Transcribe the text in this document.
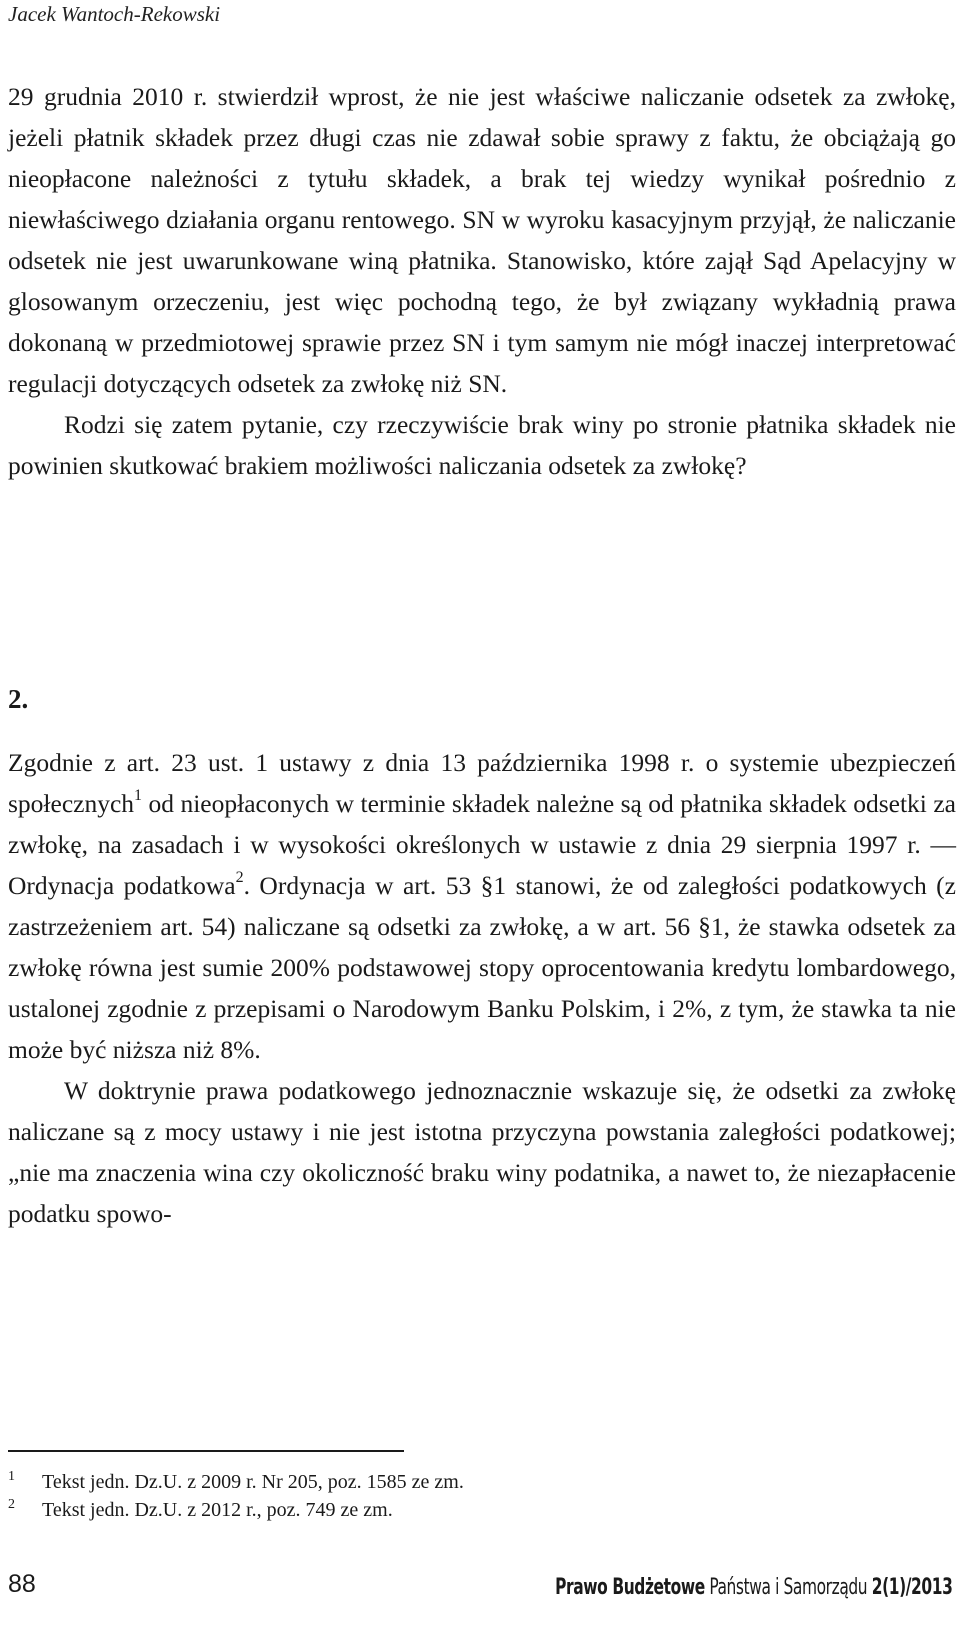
Jacek Wantoch-Rekowski

29 grudnia 2010 r. stwierdził wprost, że nie jest właściwe naliczanie odsetek za zwłokę, jeżeli płatnik składek przez długi czas nie zdawał sobie sprawy z faktu, że obciążają go nieopłacone należności z tytułu składek, a brak tej wiedzy wynikał pośrednio z niewłaściwego działania organu rentowego. SN w wyroku kasacyjnym przyjął, że naliczanie odsetek nie jest uwarunkowane winą płatnika. Stanowisko, które zajął Sąd Apelacyjny w glosowanym orzeczeniu, jest więc pochodną tego, że był związany wykładnią prawa dokonaną w przedmiotowej sprawie przez SN i tym samym nie mógł inaczej interpretować regulacji dotyczących odsetek za zwłokę niż SN.

Rodzi się zatem pytanie, czy rzeczywiście brak winy po stronie płatnika składek nie powinien skutkować brakiem możliwości naliczania odsetek za zwłokę?

2.

Zgodnie z art. 23 ust. 1 ustawy z dnia 13 października 1998 r. o systemie ubezpieczeń społecznych$^1$ od nieopłaconych w terminie składek należne są od płatnika składek odsetki za zwłokę, na zasadach i w wysokości określonych w ustawie z dnia 29 sierpnia 1997 r. — Ordynacja podatkowa$^2$. Ordynacja w art. 53 §1 stanowi, że od zaległości podatkowych (z zastrzeżeniem art. 54) naliczane są odsetki za zwłokę, a w art. 56 §1, że stawka odsetek za zwłokę równa jest sumie 200% podstawowej stopy oprocentowania kredytu lombardowego, ustalonej zgodnie z przepisami o Narodowym Banku Polskim, i 2%, z tym, że stawka ta nie może być niższa niż 8%.

W doktrynie prawa podatkowego jednoznacznie wskazuje się, że odsetki za zwłokę naliczane są z mocy ustawy i nie jest istotna przyczyna powstania zaległości podatkowej; „nie ma znaczenia wina czy okoliczność braku winy podatnika, a nawet to, że niezapłacenie podatku spowo-

1	Tekst jedn. Dz.U. z 2009 r. Nr 205, poz. 1585 ze zm.
2	Tekst jedn. Dz.U. z 2012 r., poz. 749 ze zm.
88	Prawo Budżetowe Państwa i Samorządu 2(1)/2013
